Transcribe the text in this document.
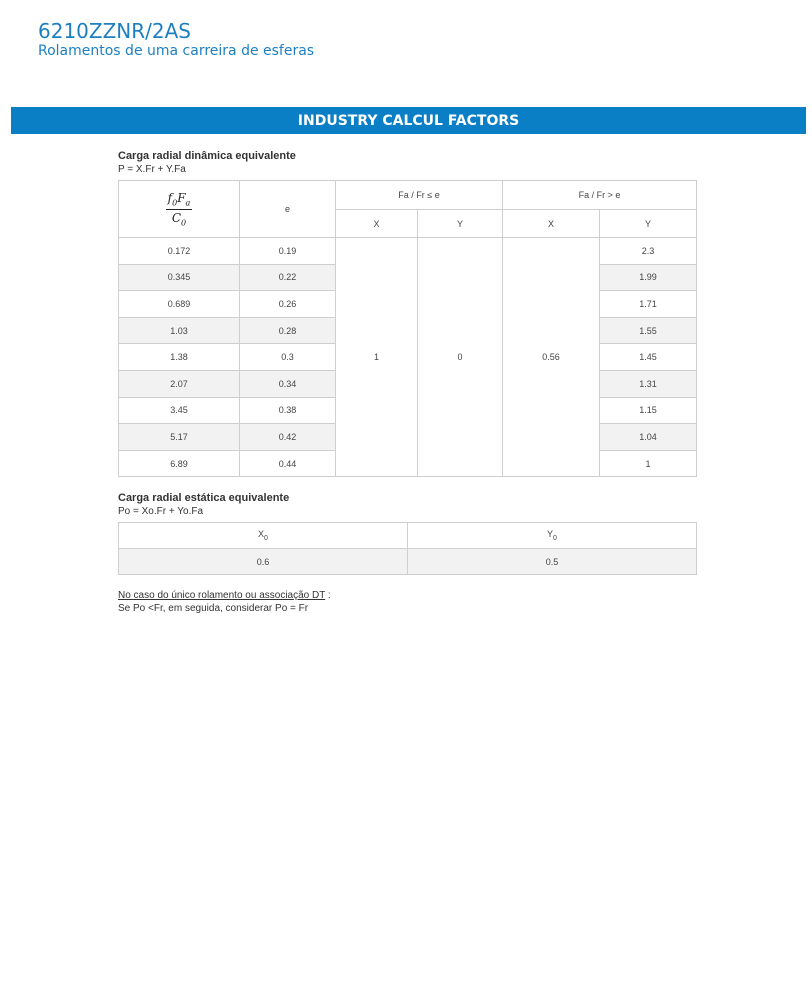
6210ZZNR/2AS
Rolamentos de uma carreira de esferas
INDUSTRY CALCUL FACTORS
Carga radial dinâmica equivalente
P = X.Fr + Y.Fa
$\frac{f_0F_a}{C_0}$	e	Fa / Fr ≤ e		Fa / Fr > e	
		X	Y	X	Y
0.172	0.19	1	0	0.56	2.3
0.345	0.22				1.99
0.689	0.26				1.71
1.03	0.28				1.55
1.38	0.3				1.45
2.07	0.34				1.31
3.45	0.38				1.15
5.17	0.42				1.04
6.89	0.44				1
Carga radial estática equivalente
Po = Xo.Fr + Yo.Fa
$X_0$	$Y_0$
0.6	0.5
No caso do único rolamento ou associação DT :
Se Po <Fr, em seguida, considerar Po = Fr
